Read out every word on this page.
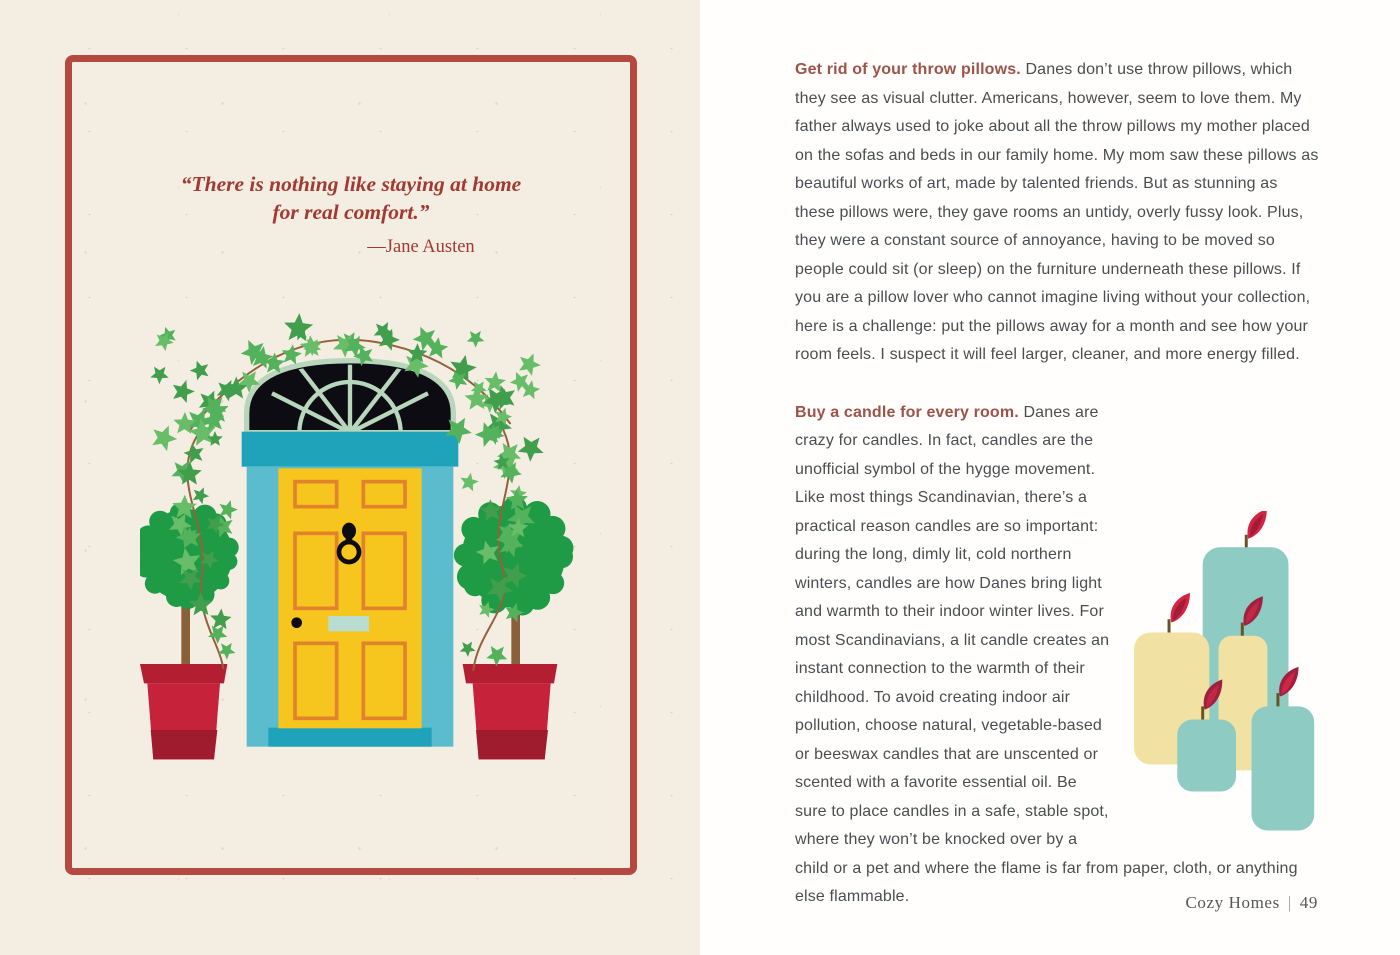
“There is nothing like staying at home
for real comfort.”
—Jane Austen

Get rid of your throw pillows. Danes don’t use throw pillows, which they see as visual clutter. Americans, however, seem to love them. My father always used to joke about all the throw pillows my mother placed on the sofas and beds in our family home. My mom saw these pillows as beautiful works of art, made by talented friends. But as stunning as these pillows were, they gave rooms an untidy, overly fussy look. Plus, they were a constant source of annoyance, having to be moved so people could sit (or sleep) on the furniture underneath these pillows. If you are a pillow lover who cannot imagine living without your collection, here is a challenge: put the pillows away for a month and see how your room feels. I suspect it will feel larger, cleaner, and more energy filled.

Buy a candle for every room. Danes are crazy for candles. In fact, candles are the unofficial symbol of the hygge movement. Like most things Scandinavian, there’s a practical reason candles are so important: during the long, dimly lit, cold northern winters, candles are how Danes bring light and warmth to their indoor winter lives. For most Scandinavians, a lit candle creates an instant connection to the warmth of their childhood. To avoid creating indoor air pollution, choose natural, vegetable-based or beeswax candles that are unscented or scented with a favorite essential oil. Be sure to place candles in a safe, stable spot, where they won’t be knocked over by a child or a pet and where the flame is far from paper, cloth, or anything else flammable.	Cozy Homes | 49
